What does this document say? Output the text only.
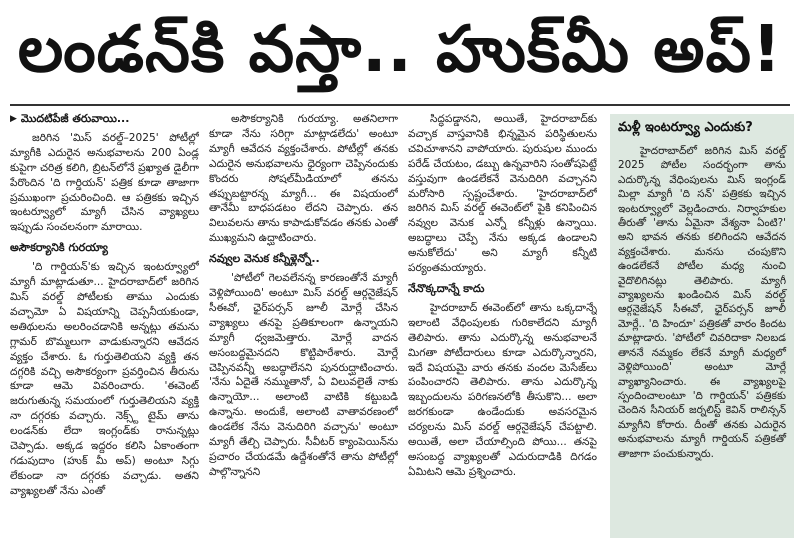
లండన్‌కి వస్తా.. హుక్‌మీ అప్!
▶ మొదటిపేజీ తరువాయి...
జరిగిన 'మిస్ వరల్డ్–2025' పోటీల్లో మ్యాగీకి ఎదురైన అనుభవాలను 200 ఏండ్ల కుపైగా చరిత్ర కలిగి, బ్రిటన్‌లోనే ప్రఖ్యాత డైలీగా పేరొందిన 'ది గార్డియన్' పత్రిక కూడా తాజాగా ప్రముఖంగా ప్రచురించింది. ఆ పత్రికకు ఇచ్చిన ఇంటర్వ్యూలో మ్యాగీ చేసిన వ్యాఖ్యలు ఇప్పుడు సంచలనంగా మారాయి.
అసౌకర్యానికి గురయ్యా
'ది గార్డియన్'కు ఇచ్చిన ఇంటర్వ్యూలో మ్యాగీ మాట్లాడుతూ... హైదరాబాద్‌లో జరిగిన మిస్ వరల్డ్ పోటీలకు తాము ఎందుకు వచ్చామో ఏ విషయాన్ని చెప్పనీయకుండా, అతిథులను అలరించడానికి అన్నట్లు తమను గ్లామర్ బొమ్మలుగా వాడుకున్నారని ఆవేదన వ్యక్తం చేశారు. ఓ గుర్తుతెలియని వ్యక్తి తన దగ్గరికి వచ్చి అసౌకర్యంగా ప్రవర్తించిన తీరును కూడా ఆమె వివరించారు. 'ఈవెంట్ జరుగుతున్న సమయంలో గుర్తుతెలియని వ్యక్తి నా దగ్గరకు వచ్చారు. నెక్స్ట్ టైమ్ తాను లండన్‌కు లేదా ఇంగ్లండ్‌కు రానున్నట్లు చెప్పాడు. అక్కడ ఇద్దరం కలిసి ఏకాంతంగా గడుపుదాం (హుక్ మీ అప్) అంటూ సిగ్గు లేకుండా నా దగ్గరకు వచ్చాడు. అతని వ్యాఖ్యలతో నేను ఎంతో
అసౌకర్యానికి గురయ్యా. అతనిలాగా కూడా నేను సరిగ్గా మాట్లాడలేదు' అంటూ మ్యాగీ ఆవేదన వ్యక్తంచేశారు. పోటీల్లో తనకు ఎదురైన అనుభవాలను ధైర్యంగా చెప్పినందుకు కొందరు సోషల్‌మీడియాలో తనను తప్పుబట్టారన్న మ్యాగీ... ఈ విషయంలో తానేమీ బాధపడటం లేదని చెప్పారు. తన విలువలను తాను కాపాడుకోవడం తనకు ఎంతో ముఖ్యమని ఉద్ఘాటించారు.
నవ్వుల వెనుక కన్నీళ్లెన్నో..
'పోటీలో గెలవలేనన్న కారణంతోనే మ్యాగీ వెళ్లిపోయింది' అంటూ మిస్ వరల్డ్ ఆర్గనైజేషన్ సీఈవో, ఛైర్‌పర్సన్ జూలీ మోర్లే చేసిన వ్యాఖ్యలు తనపై ప్రతికూలంగా ఉన్నాయని మ్యాగీ ధ్వజమెత్తారు. మోర్లే వాదన అసంబద్ధమైనదని కొట్టిపారేశారు. మోర్లే చెప్పినవన్నీ అబద్ధాలేనని పునరుద్ఘాటించారు. 'నేను ఏదైతే నమ్ముతానో, ఏ విలువలైతే నాకు ఉన్నాయో... అలాంటి వాటికి కట్టుబడి ఉన్నాను. అందుకే, అలాంటి వాతావరణంలో ఉండలేక నేను వెనుదిరిగి వచ్చాను' అంటూ మ్యాగీ తేల్చి చెప్పారు. సీవీటర్ క్యాంపెయిన్‌ను ప్రచారం చేయడమే ఉద్దేశంతోనే తాను పోటీల్లో పాల్గొన్నానని
సిద్ధపడ్డానని, అయితే, హైదరాబాద్‌కు వచ్చాక వాస్తవానికి భిన్నమైన పరిస్థితులను చవిచూశానని వాపోయారు. పురుషుల ముందు పరేడ్ చేయటం, డబ్బు ఉన్నవారిని సంతోషపెట్టే వస్తువుగా ఉండలేకనే వెనుదిరిగి వచ్చానని మరోసారి స్పష్టంచేశారు. 'హైదరాబాద్‌లో జరిగిన మిస్ వరల్డ్ ఈవెంట్‌లో పైకి కనిపించిన నవ్వుల వెనుక ఎన్నో కన్నీళ్లు ఉన్నాయి. అబద్ధాలు చెప్పే నేను అక్కడ ఉండాలని అనుకోలేదు' అని మ్యాగీ కన్నీటి పర్యంతమయ్యారు.
నేనొక్కదాన్నే కాదు
హైదరాబాద్ ఈవెంట్‌లో తాను ఒక్కదాన్నే ఇలాంటి వేధింపులకు గురికాలేదని మ్యాగీ తెలిపారు. తాను ఎదుర్కొన్న అనుభవాలనే మిగతా పోటీదారులు కూడా ఎదుర్కొన్నారని, ఇదే విషయమై వారు తనకు వందల మెసేజ్‌లు పంపించారని తెలిపారు. తాను ఎదుర్కొన్న ఇబ్బందులను పరిగణనలోకి తీసుకొని... అలా జరగకుండా ఉండేందుకు అవసరమైన చర్యలను మిస్ వరల్డ్ ఆర్గనైజేషన్ చేపట్టాలి. అయితే, అలా చేయాల్సింది పోయి... తనపై అసంబద్ధ వ్యాఖ్యలతో ఎదురుదాడికి దిగడం ఏమిటని ఆమె ప్రశ్నించారు.
మళ్లీ ఇంటర్వ్యూ ఎందుకు?
హైదరాబాద్‌లో జరిగిన మిస్ వరల్డ్ 2025 పోటీల సందర్భంగా తాను ఎదుర్కొన్న వేధింపులను మిస్ ఇంగ్లండ్ మిల్లా మ్యాగీ 'ది సన్' పత్రికకు ఇచ్చిన ఇంటర్వ్యూలో వెల్లడించారు. నిర్వాహకుల తీరుతో 'తాను ఏమైనా వేశ్యనా ఏంటి?' అని భావన తనకు కలిగిందని ఆవేదన వ్యక్తంచేశారు. మనసు చంపుకొని ఉండలేకనే పోటీల మధ్య నుంచి వైదొలిగినట్లు తెలిపారు. మ్యాగీ వ్యాఖ్యలను ఖండించిన మిస్ వరల్డ్ ఆర్గనైజేషన్ సీఈవో, ఛైర్‌పర్సన్ జూలీ మోర్లే.. 'ది హిందూ' పత్రికతో వారం కిందట మాట్లాడారు. 'పోటీలో చివరిదాకా నిలబడ తాననే నమ్మకం లేకనే మ్యాగీ మధ్యలో వెళ్లిపోయింది' అంటూ మోర్లే వ్యాఖ్యానించారు. ఈ వ్యాఖ్యలపై స్పందించాలంటూ 'ది గార్డియన్' పత్రికకు చెందిన సీనియర్ జర్నలిస్ట్ కెవిన్ రాలిన్సన్ మ్యాగీని కోరారు. దీంతో తనకు ఎదురైన అనుభవాలను మ్యాగీ గార్డియన్ పత్రికతో తాజాగా పంచుకున్నారు.
